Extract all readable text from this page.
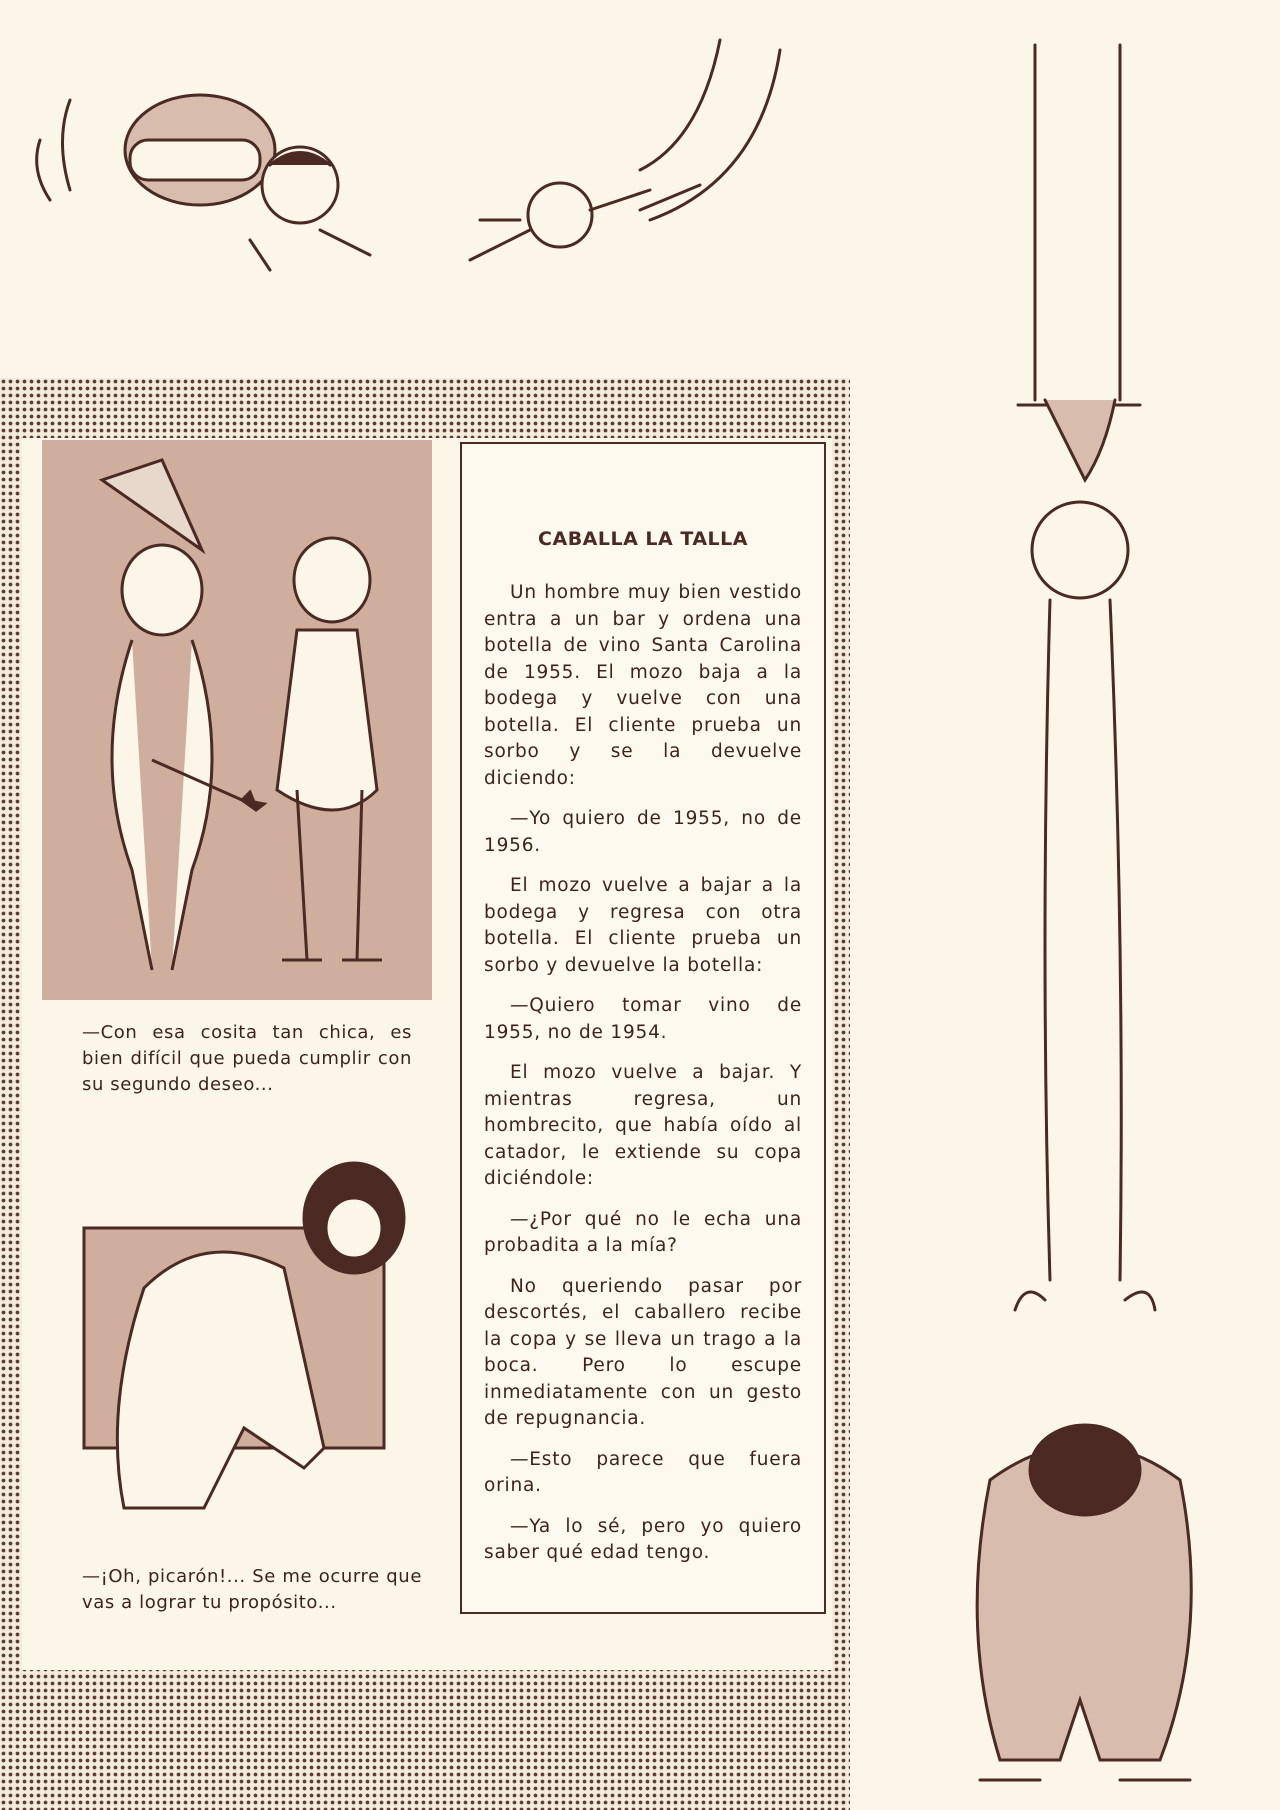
—Con esa cosita tan chica, es bien difícil que pueda cumplir con su segundo deseo...
—¡Oh, picarón!... Se me ocurre que vas a lograr tu propósito...
CABALLA LA TALLA

Un hombre muy bien vestido entra a un bar y ordena una botella de vino Santa Carolina de 1955. El mozo baja a la bodega y vuelve con una botella. El cliente prueba un sorbo y se la devuelve diciendo:

—Yo quiero de 1955, no de 1956.

El mozo vuelve a bajar a la bodega y regresa con otra botella. El cliente prueba un sorbo y devuelve la botella:

—Quiero tomar vino de 1955, no de 1954.

El mozo vuelve a bajar. Y mientras regresa, un hombrecito, que había oído al catador, le extiende su copa diciéndole:

—¿Por qué no le echa una probadita a la mía?

No queriendo pasar por descortés, el caballero recibe la copa y se lleva un trago a la boca. Pero lo escupe inmediatamente con un gesto de repugnancia.

—Esto parece que fuera orina.

—Ya lo sé, pero yo quiero saber qué edad tengo.
